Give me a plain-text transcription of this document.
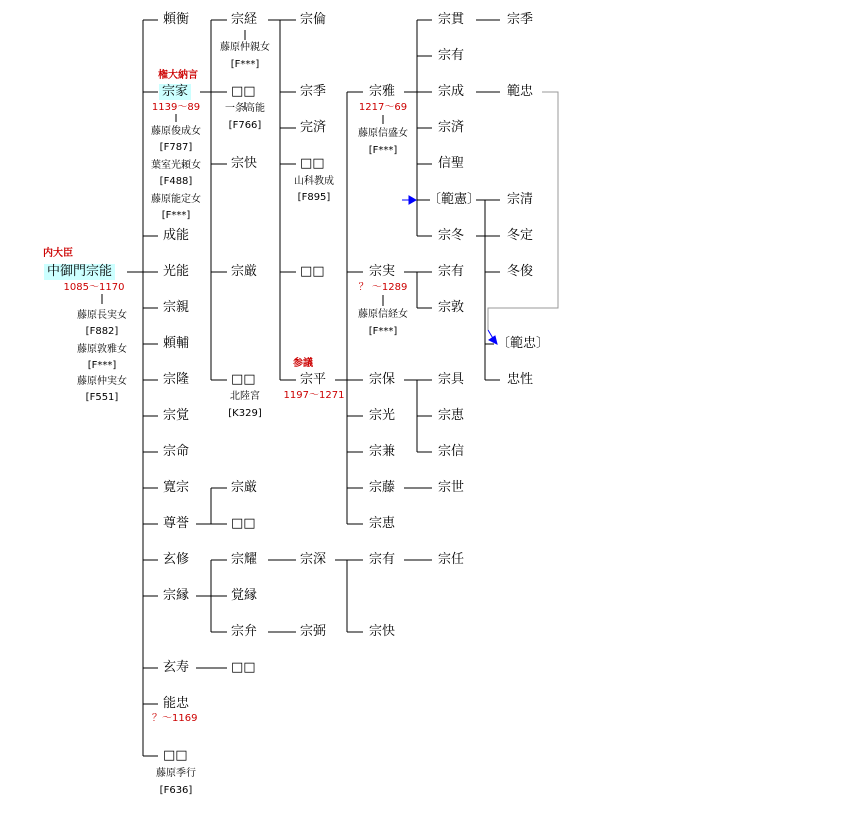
内大臣
中御門宗能
1085〜1170
藤原長実女
[F882]
藤原敦雅女
[F***]
藤原仲実女
[F551]
頼衡
権大納言
宗家
1139〜89
藤原俊成女
[F787]
葉室光頼女
[F488]
藤原能定女
[F***]
成能
光能
宗親
頼輔
宗隆
宗覚
宗命
寛宗
尊誉
玄修
宗縁
玄寿
能忠
？〜1169
□□
藤原季行
[F636]
宗経
藤原仲親女
[F***]
□□
一条高能
[F766]
宗快
宗厳
□□
北陸宮
[K329]
宗厳
□□
宗耀
覚縁
宗弁
□□
宗倫
宗季
完済
□□
山科教成
[F895]
□□
参議
宗平
1197〜1271
宗深
宗弼
宗雅
1217〜69
藤原信盛女
[F***]
宗実
？ 〜1289
藤原信経女
[F***]
宗保
宗光
宗兼
宗藤
宗恵
宗有
宗快
宗貫
宗有
宗成
宗済
信聖
〔範憲〕
宗冬
宗有
宗敦
宗具
宗恵
宗信
宗世
宗任
宗季
範忠
宗清
冬定
冬俊
〔範忠〕
忠性
